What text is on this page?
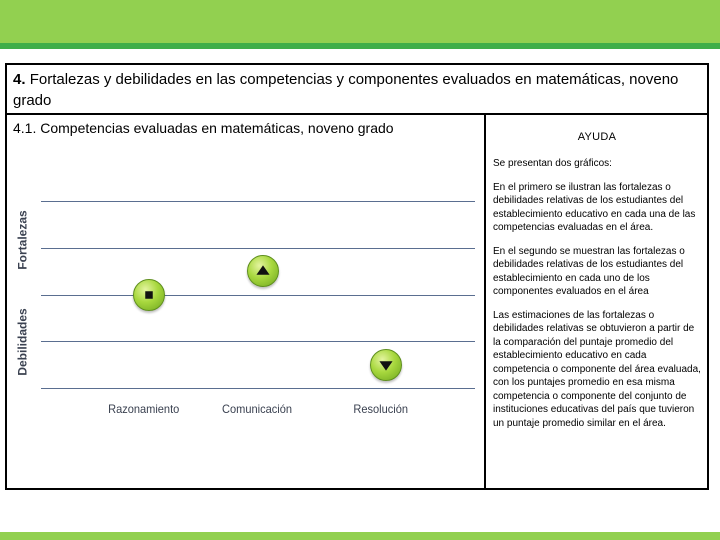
4. Fortalezas y debilidades en las competencias y componentes evaluados en matemáticas, noveno grado
4.1. Competencias evaluadas en matemáticas, noveno grado
Fortalezas
Debilidades
Razonamiento	Comunicación	Resolución
AYUDA

Se presentan dos gráficos:

En el primero se ilustran las fortalezas o debilidades relativas de los estudiantes del establecimiento educativo en cada una de las competencias evaluadas en el área.

En el segundo se muestran las fortalezas o debilidades relativas de los estudiantes del establecimiento en cada uno de los componentes evaluados en el área

Las estimaciones de las fortalezas o debilidades relativas se obtuvieron a partir de la comparación del puntaje promedio del establecimiento educativo en cada competencia o componente del área evaluada, con los puntajes promedio en esa misma competencia o componente del conjunto de instituciones educativas del país que tuvieron un puntaje promedio similar en el área.
